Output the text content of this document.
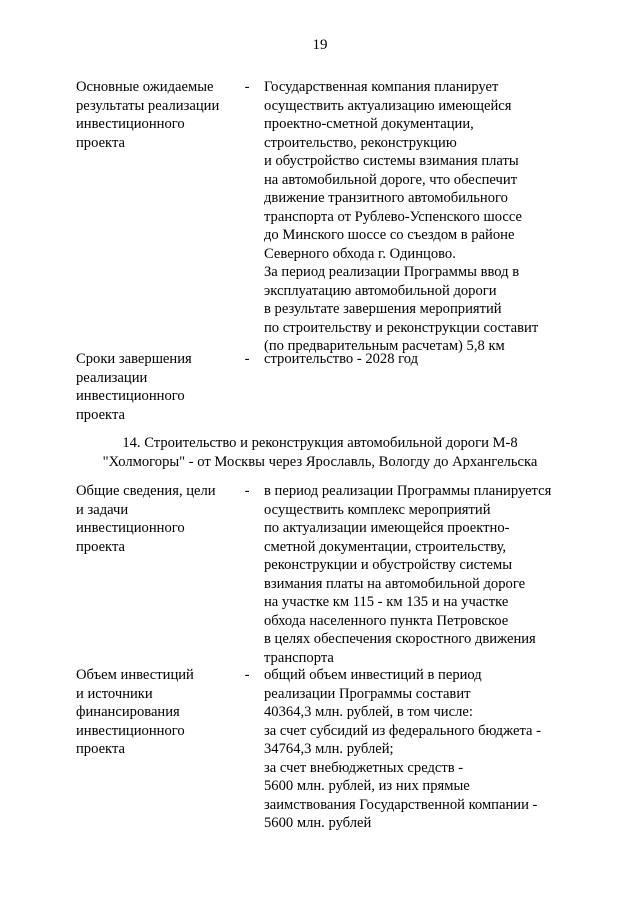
19
Основные ожидаемые
результаты реализации
инвестиционного
проекта
- Государственная компания планирует
осуществить актуализацию имеющейся
проектно-сметной документации,
строительство, реконструкцию
и обустройство системы взимания платы
на автомобильной дороге, что обеспечит
движение транзитного автомобильного
транспорта от Рублево-Успенского шоссе
до Минского шоссе со съездом в районе
Северного обхода г. Одинцово.
За период реализации Программы ввод в
эксплуатацию автомобильной дороги
в результате завершения мероприятий
по строительству и реконструкции составит
(по предварительным расчетам) 5,8 км
Сроки завершения
реализации
инвестиционного
проекта
- строительство - 2028 год
14. Строительство и реконструкция автомобильной дороги М-8
"Холмогоры" - от Москвы через Ярославль, Вологду до Архангельска
Общие сведения, цели
и задачи
инвестиционного
проекта
- в период реализации Программы планируется
осуществить комплекс мероприятий
по актуализации имеющейся проектно-
сметной документации, строительству,
реконструкции и обустройству системы
взимания платы на автомобильной дороге
на участке км 115 - км 135 и на участке
обхода населенного пункта Петровское
в целях обеспечения скоростного движения
транспорта
Объем инвестиций
и источники
финансирования
инвестиционного
проекта
- общий объем инвестиций в период
реализации Программы составит
40364,3 млн. рублей, в том числе:
за счет субсидий из федерального бюджета -
34764,3 млн. рублей;
за счет внебюджетных средств -
5600 млн. рублей, из них прямые
заимствования Государственной компании -
5600 млн. рублей
